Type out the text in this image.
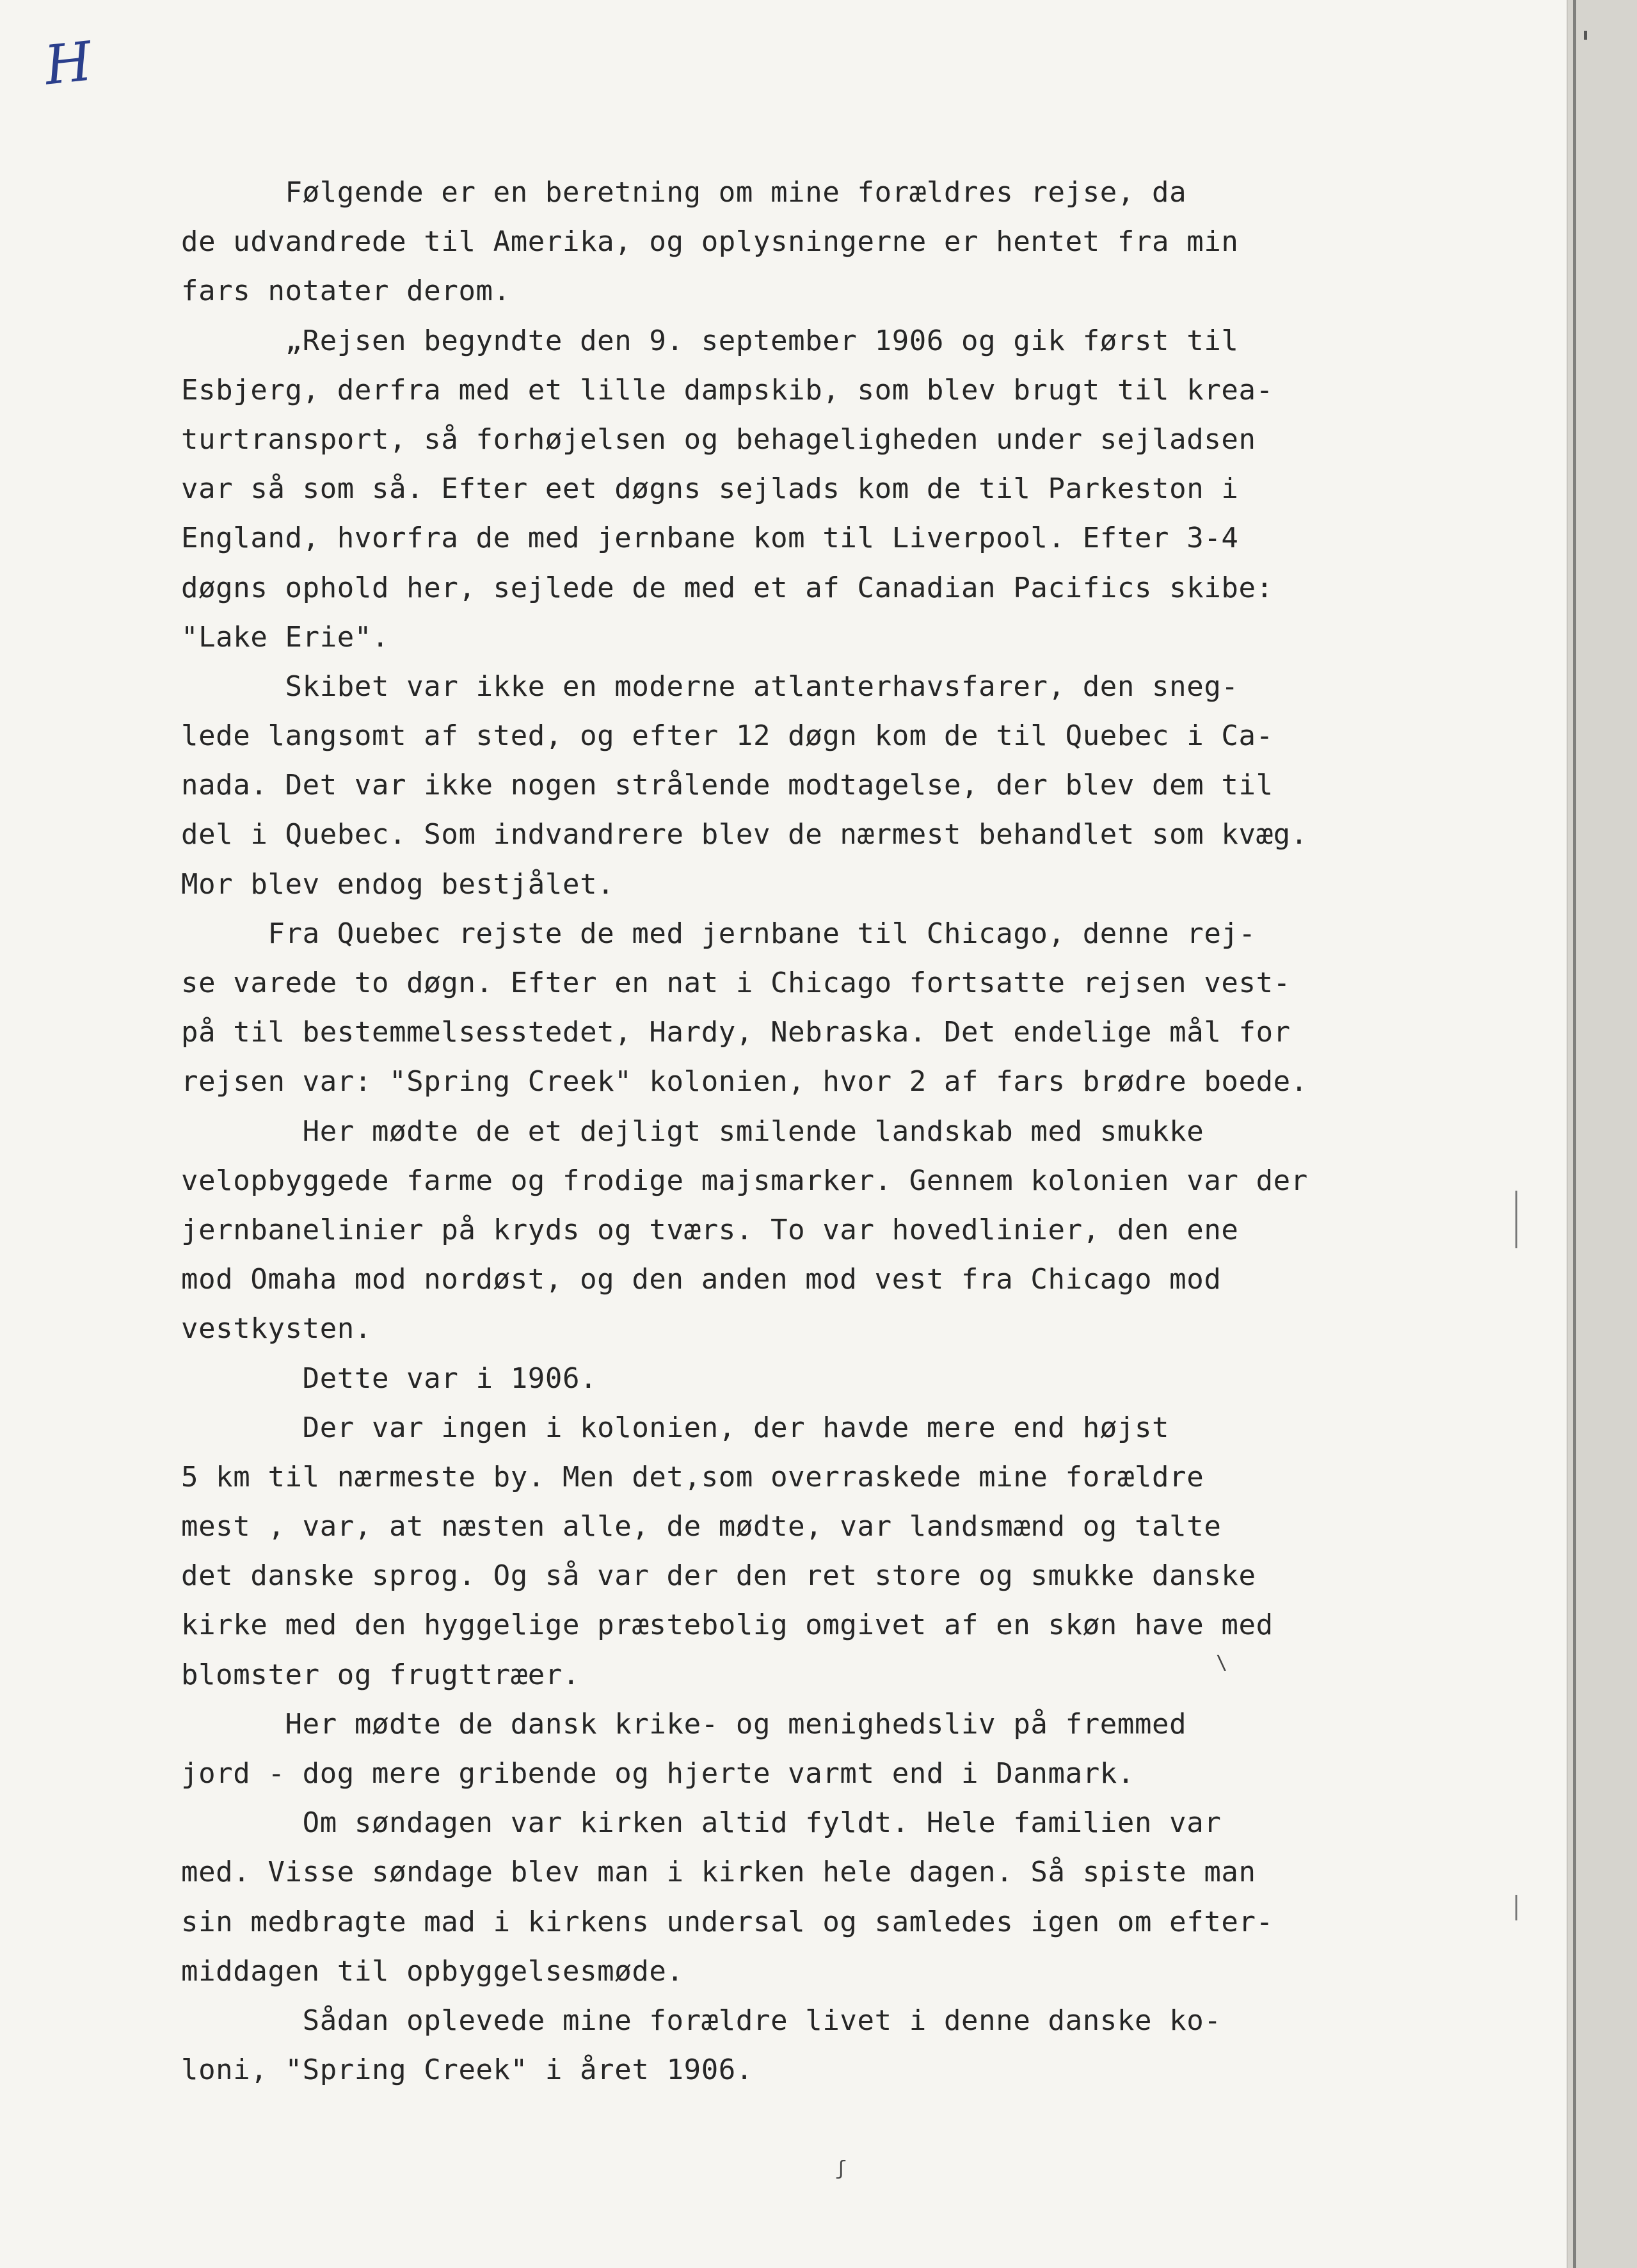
H
Følgende er en beretning om mine forældres rejse, da
de udvandrede til Amerika, og oplysningerne er hentet fra min
fars notater derom.
„Rejsen begyndte den 9. september 1906 og gik først til
Esbjerg, derfra med et lille dampskib, som blev brugt til krea-
turtransport, så forhøjelsen og behageligheden under sejladsen
var så som så. Efter eet døgns sejlads kom de til Parkeston i
England, hvorfra de med jernbane kom til Liverpool. Efter 3-4
døgns ophold her, sejlede de med et af Canadian Pacifics skibe:
"Lake Erie".
Skibet var ikke en moderne atlanterhavsfarer, den sneg-
lede langsomt af sted, og efter 12 døgn kom de til Quebec i Ca-
nada. Det var ikke nogen strålende modtagelse, der blev dem til
del i Quebec. Som indvandrere blev de nærmest behandlet som kvæg.
Mor blev endog bestjålet.
Fra Quebec rejste de med jernbane til Chicago, denne rej-
se varede to døgn. Efter en nat i Chicago fortsatte rejsen vest-
på til bestemmelsesstedet, Hardy, Nebraska. Det endelige mål for
rejsen var: "Spring Creek" kolonien, hvor 2 af fars brødre boede.
Her mødte de et dejligt smilende landskab med smukke
velopbyggede farme og frodige majsmarker. Gennem kolonien var der
jernbanelinier på kryds og tværs. To var hovedlinier, den ene
mod Omaha mod nordøst, og den anden mod vest fra Chicago mod
vestkysten.
Dette var i 1906.
Der var ingen i kolonien, der havde mere end højst
5 km til nærmeste by. Men det,som overraskede mine forældre
mest , var, at næsten alle, de mødte, var landsmænd og talte
det danske sprog. Og så var der den ret store og smukke danske
kirke med den hyggelige præstebolig omgivet af en skøn have med
blomster og frugttræer.
Her mødte de dansk krike- og menighedsliv på fremmed
jord - dog mere gribende og hjerte varmt end i Danmark.
Om søndagen var kirken altid fyldt. Hele familien var
med. Visse søndage blev man i kirken hele dagen. Så spiste man
sin medbragte mad i kirkens undersal og samledes igen om efter-
middagen til opbyggelsesmøde.
Sådan oplevede mine forældre livet i denne danske ko-
loni, "Spring Creek" i året 1906.
\
ʃ
